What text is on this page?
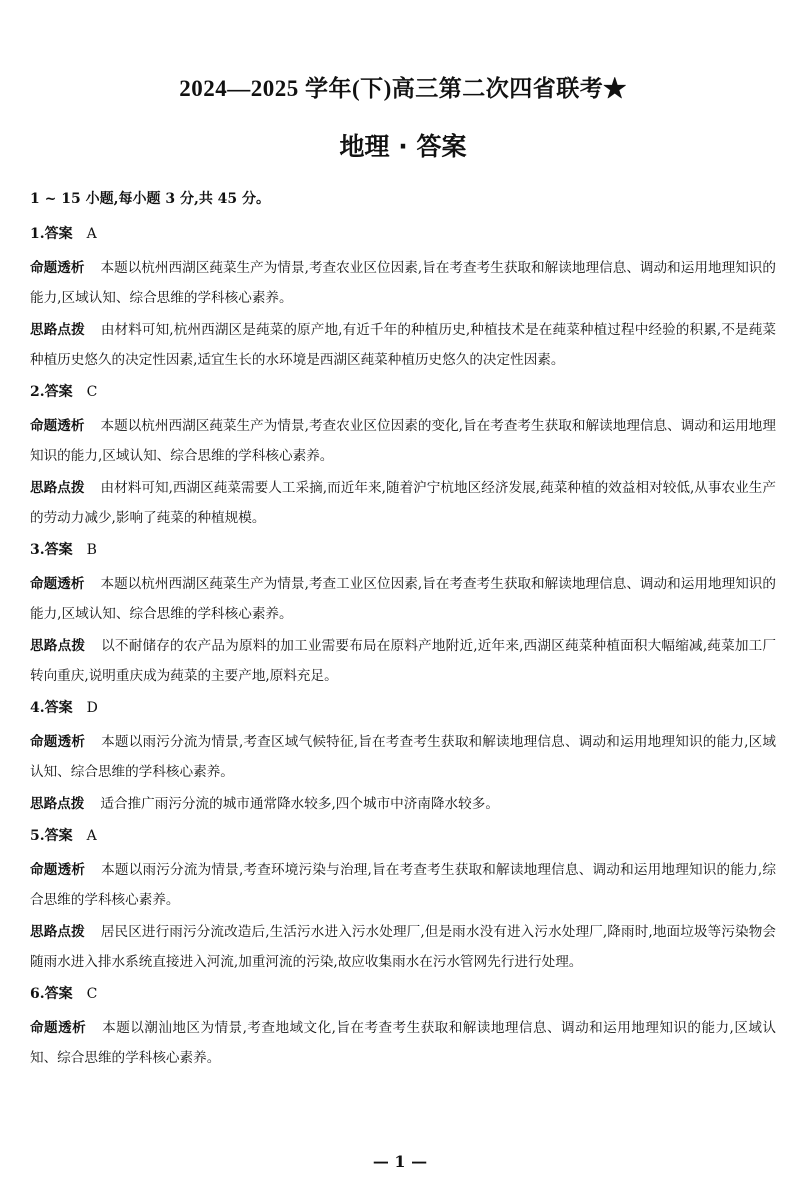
2024—2025 学年(下)高三第二次四省联考★
地理 · 答案

1 ~ 15 小题,每小题 3 分,共 45 分。

1.答案 A

命题透析 本题以杭州西湖区莼菜生产为情景,考查农业区位因素,旨在考查考生获取和解读地理信息、调动和运用地理知识的能力,区域认知、综合思维的学科核心素养。

思路点拨 由材料可知,杭州西湖区是莼菜的原产地,有近千年的种植历史,种植技术是在莼菜种植过程中经验的积累,不是莼菜种植历史悠久的决定性因素,适宜生长的水环境是西湖区莼菜种植历史悠久的决定性因素。

2.答案 C

命题透析 本题以杭州西湖区莼菜生产为情景,考查农业区位因素的变化,旨在考查考生获取和解读地理信息、调动和运用地理知识的能力,区域认知、综合思维的学科核心素养。

思路点拨 由材料可知,西湖区莼菜需要人工采摘,而近年来,随着沪宁杭地区经济发展,莼菜种植的效益相对较低,从事农业生产的劳动力减少,影响了莼菜的种植规模。

3.答案 B

命题透析 本题以杭州西湖区莼菜生产为情景,考查工业区位因素,旨在考查考生获取和解读地理信息、调动和运用地理知识的能力,区域认知、综合思维的学科核心素养。

思路点拨 以不耐储存的农产品为原料的加工业需要布局在原料产地附近,近年来,西湖区莼菜种植面积大幅缩减,莼菜加工厂转向重庆,说明重庆成为莼菜的主要产地,原料充足。

4.答案 D

命题透析 本题以雨污分流为情景,考查区域气候特征,旨在考查考生获取和解读地理信息、调动和运用地理知识的能力,区域认知、综合思维的学科核心素养。

思路点拨 适合推广雨污分流的城市通常降水较多,四个城市中济南降水较多。

5.答案 A

命题透析 本题以雨污分流为情景,考查环境污染与治理,旨在考查考生获取和解读地理信息、调动和运用地理知识的能力,综合思维的学科核心素养。

思路点拨 居民区进行雨污分流改造后,生活污水进入污水处理厂,但是雨水没有进入污水处理厂,降雨时,地面垃圾等污染物会随雨水进入排水系统直接进入河流,加重河流的污染,故应收集雨水在污水管网先行进行处理。

6.答案 C

命题透析 本题以潮汕地区为情景,考查地域文化,旨在考查考生获取和解读地理信息、调动和运用地理知识的能力,区域认知、综合思维的学科核心素养。

— 1 —
